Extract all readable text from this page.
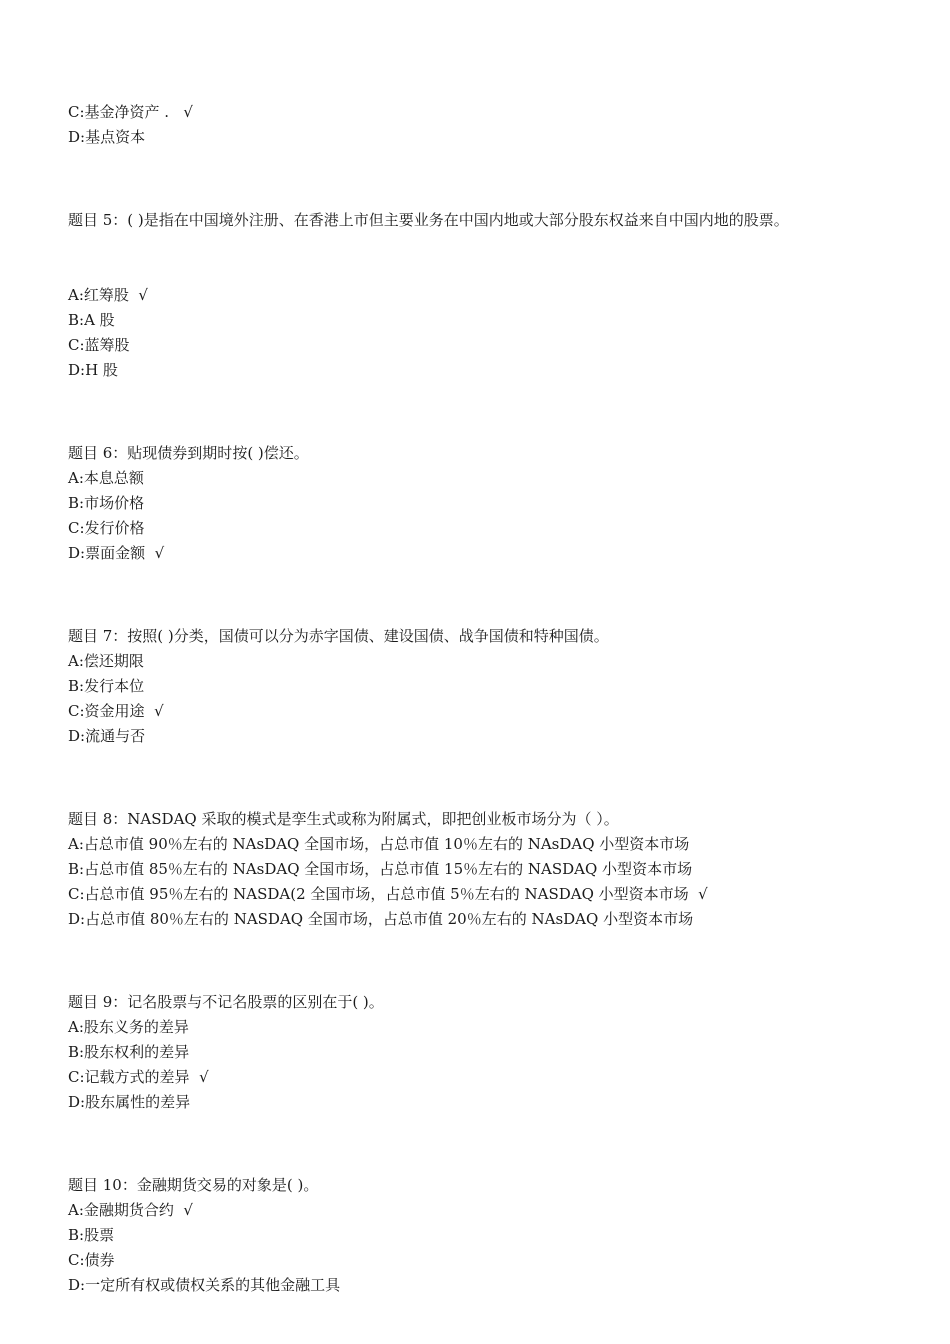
C:基金净资产 .   √
D:基点资本
题目 5：( )是指在中国境外注册、在香港上市但主要业务在中国内地或大部分股东权益来自中国内地的股票。
A:红筹股  √
B:A 股
C:蓝筹股
D:H 股
题目 6：贴现债券到期时按( )偿还。
A:本息总额
B:市场价格
C:发行价格
D:票面金额  √
题目 7：按照( )分类，国债可以分为赤字国债、建设国债、战争国债和特种国债。
A:偿还期限
B:发行本位
C:资金用途  √
D:流通与否
题目 8：NASDAQ 采取的模式是孪生式或称为附属式，即把创业板市场分为（ ）。
A:占总市值 90％左右的 NAsDAQ 全国市场，占总市值 10％左右的 NAsDAQ 小型资本市场
B:占总市值 85％左右的 NAsDAQ 全国市场，占总市值 15％左右的 NASDAQ 小型资本市场
C:占总市值 95％左右的 NASDA(2 全国市场，占总市值 5％左右的 NASDAQ 小型资本市场  √
D:占总市值 80％左右的 NASDAQ 全国市场，占总市值 20％左右的 NAsDAQ 小型资本市场
题目 9：记名股票与不记名股票的区别在于( )。
A:股东义务的差异
B:股东权利的差异
C:记载方式的差异  √
D:股东属性的差异
题目 10：金融期货交易的对象是( )。
A:金融期货合约  √
B:股票
C:债券
D:一定所有权或债权关系的其他金融工具
